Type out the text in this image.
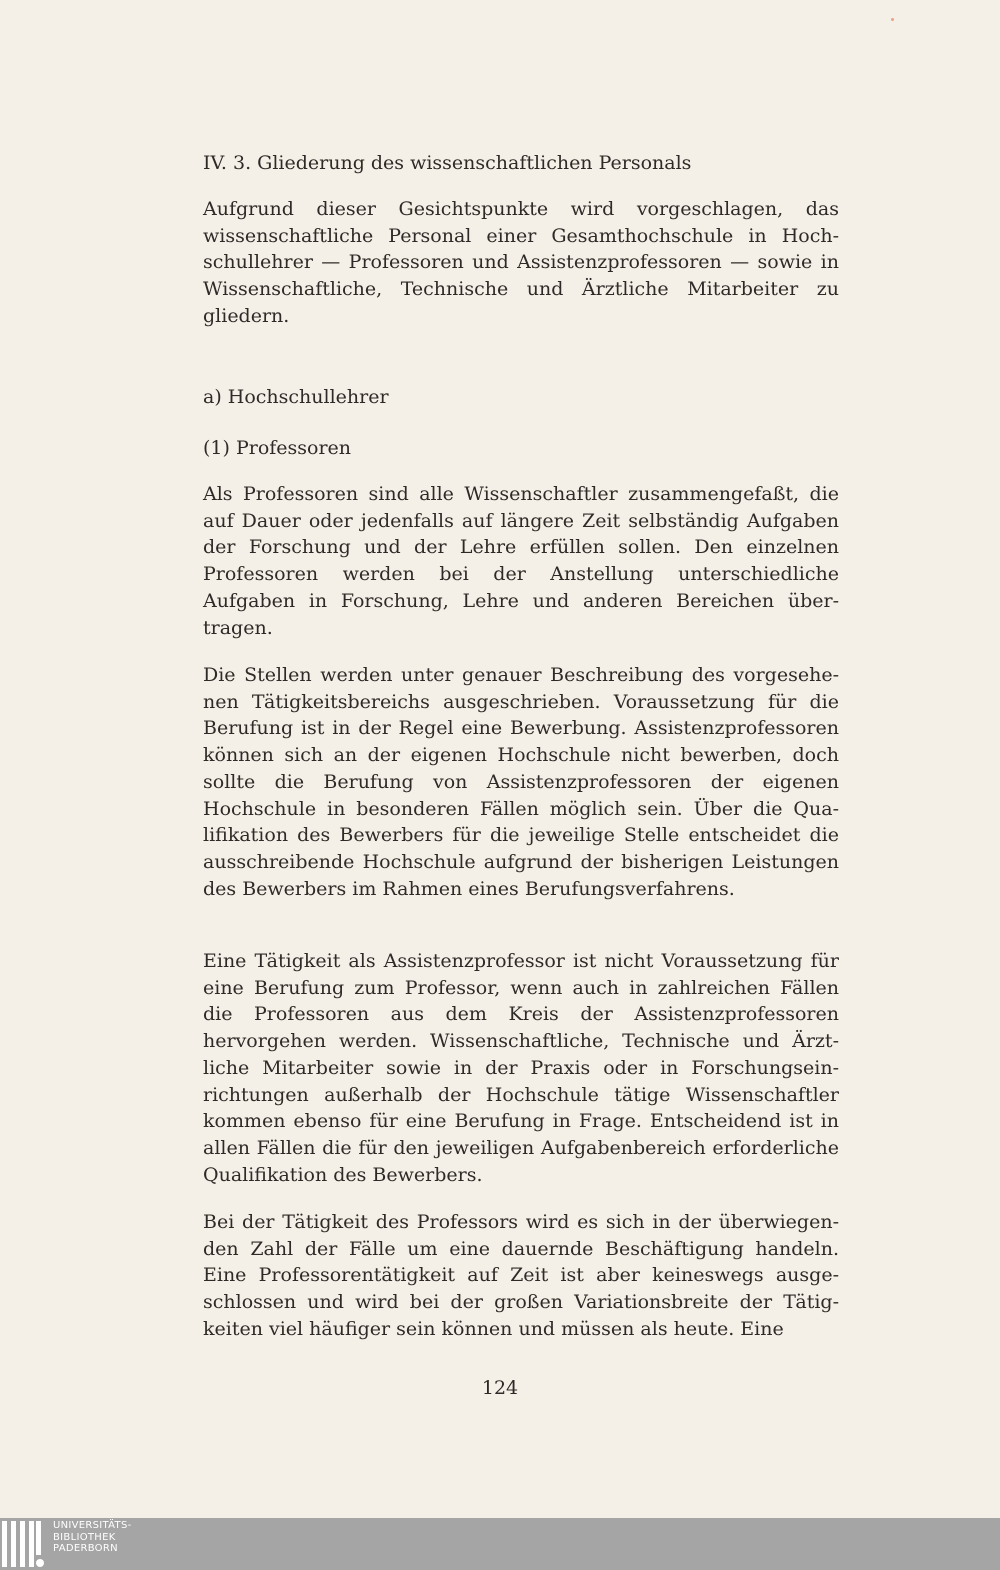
IV. 3. Gliederung des wissenschaftlichen Personals
Aufgrund dieser Gesichtspunkte wird vorgeschlagen, das wissenschaftliche Personal einer Gesamthochschule in Hochschullehrer — Professoren und Assistenzprofessoren — sowie in Wissenschaftliche, Technische und Ärztliche Mitarbeiter zu gliedern.
a) Hochschullehrer
(1) Professoren
Als Professoren sind alle Wissenschaftler zusammengefaßt, die auf Dauer oder jedenfalls auf längere Zeit selbständig Aufgaben der Forschung und der Lehre erfüllen sollen. Den einzelnen Professoren werden bei der Anstellung unterschiedliche Aufgaben in Forschung, Lehre und anderen Bereichen übertragen.
Die Stellen werden unter genauer Beschreibung des vorgesehenen Tätigkeitsbereichs ausgeschrieben. Voraussetzung für die Berufung ist in der Regel eine Bewerbung. Assistenzprofessoren können sich an der eigenen Hochschule nicht bewerben, doch sollte die Berufung von Assistenzprofessoren der eigenen Hochschule in besonderen Fällen möglich sein. Über die Qualifikation des Bewerbers für die jeweilige Stelle entscheidet die ausschreibende Hochschule aufgrund der bisherigen Leistungen des Bewerbers im Rahmen eines Berufungsverfahrens.
Eine Tätigkeit als Assistenzprofessor ist nicht Voraussetzung für eine Berufung zum Professor, wenn auch in zahlreichen Fällen die Professoren aus dem Kreis der Assistenzprofessoren hervorgehen werden. Wissenschaftliche, Technische und Ärztliche Mitarbeiter sowie in der Praxis oder in Forschungseinrichtungen außerhalb der Hochschule tätige Wissenschaftler kommen ebenso für eine Berufung in Frage. Entscheidend ist in allen Fällen die für den jeweiligen Aufgabenbereich erforderliche Qualifikation des Bewerbers.
Bei der Tätigkeit des Professors wird es sich in der überwiegenden Zahl der Fälle um eine dauernde Beschäftigung handeln. Eine Professorentätigkeit auf Zeit ist aber keineswegs ausgeschlossen und wird bei der großen Variationsbreite der Tätigkeiten viel häufiger sein können und müssen als heute. Eine
124
UNIVERSITÄTS-
BIBLIOTHEK
PADERBORN
